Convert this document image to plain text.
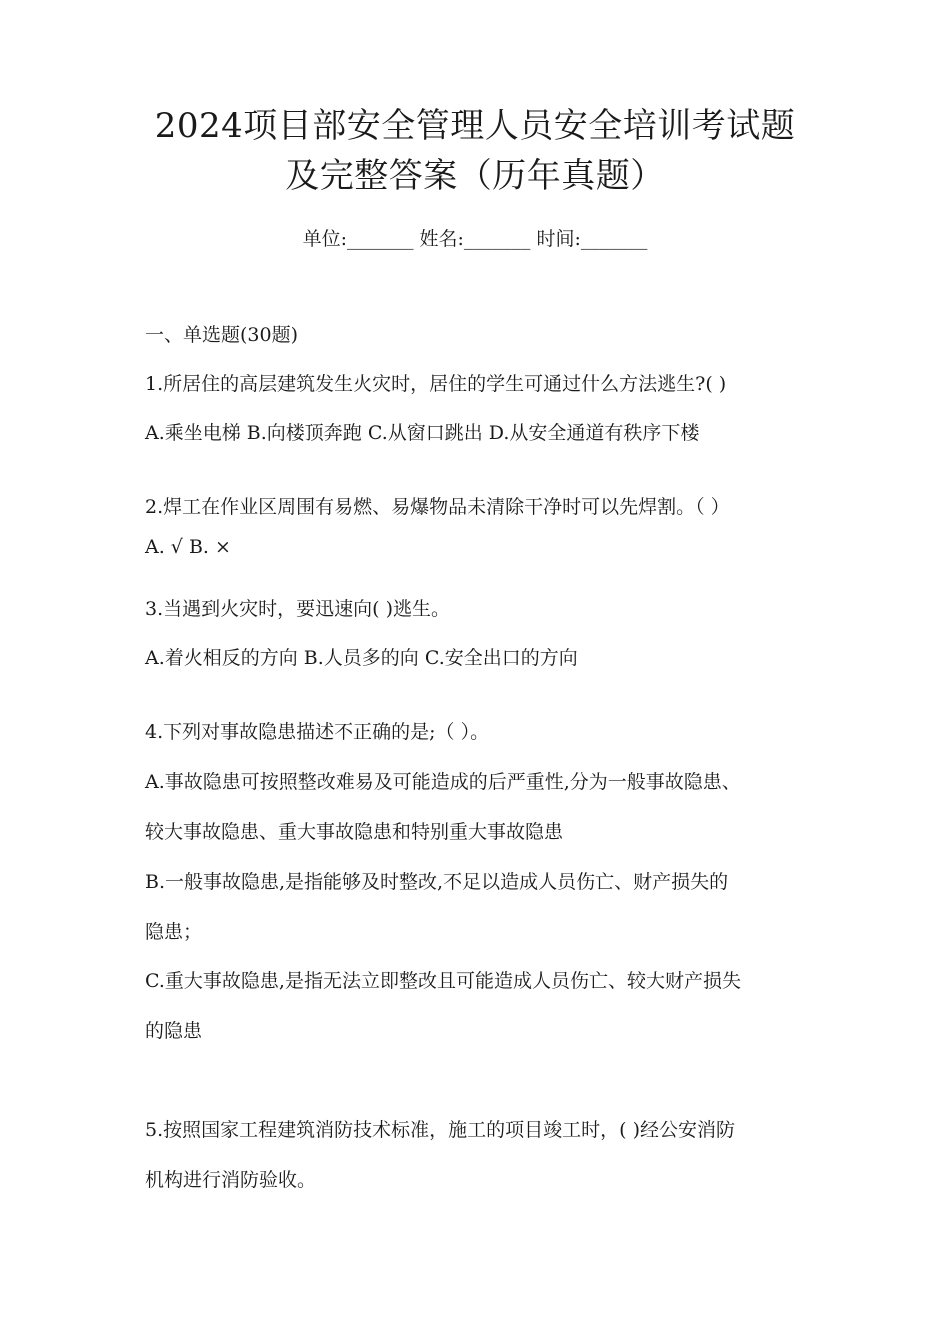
2024项目部安全管理人员安全培训考试题
及完整答案（历年真题）
单位:_______ 姓名:_______ 时间:_______
一、单选题(30题)
1.所居住的高层建筑发生火灾时，居住的学生可通过什么方法逃生?( )
A.乘坐电梯 B.向楼顶奔跑 C.从窗口跳出 D.从安全通道有秩序下楼
2.焊工在作业区周围有易燃、易爆物品未清除干净时可以先焊割。（ ）
A. √ B. ×
3.当遇到火灾时，要迅速向( )逃生。
A.着火相反的方向 B.人员多的向 C.安全出口的方向
4.下列对事故隐患描述不正确的是;（ ）。
A.事故隐患可按照整改难易及可能造成的后严重性,分为一般事故隐患、
较大事故隐患、重大事故隐患和特别重大事故隐患
B.一般事故隐患,是指能够及时整改,不足以造成人员伤亡、财产损失的
隐患；
C.重大事故隐患,是指无法立即整改且可能造成人员伤亡、较大财产损失
的隐患
5.按照国家工程建筑消防技术标准，施工的项目竣工时，( )经公安消防
机构进行消防验收。
